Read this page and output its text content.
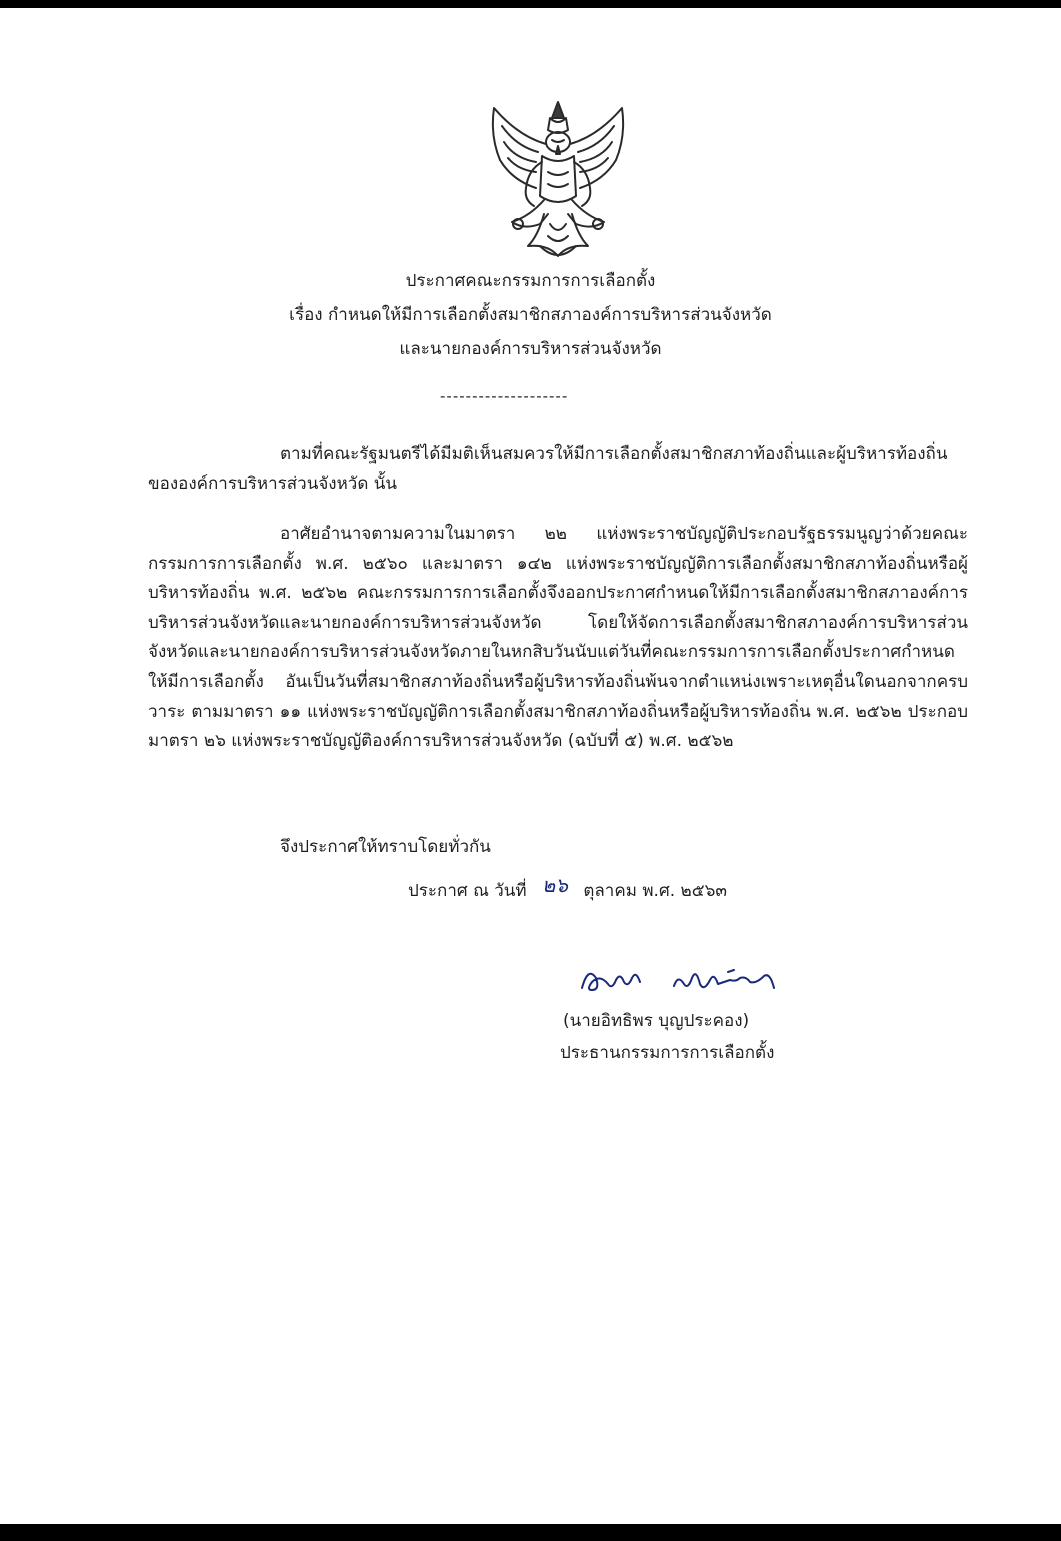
ประกาศคณะกรรมการการเลือกตั้ง
เรื่อง กำหนดให้มีการเลือกตั้งสมาชิกสภาองค์การบริหารส่วนจังหวัด
และนายกองค์การบริหารส่วนจังหวัด
--------------------

ตามที่คณะรัฐมนตรีได้มีมติเห็นสมควรให้มีการเลือกตั้งสมาชิกสภาท้องถิ่นและผู้บริหารท้องถิ่นขององค์การบริหารส่วนจังหวัด นั้น

อาศัยอำนาจตามความในมาตรา ๒๒ แห่งพระราชบัญญัติประกอบรัฐธรรมนูญว่าด้วยคณะกรรมการการเลือกตั้ง พ.ศ. ๒๕๖๐ และมาตรา ๑๔๒ แห่งพระราชบัญญัติการเลือกตั้งสมาชิกสภาท้องถิ่นหรือผู้บริหารท้องถิ่น พ.ศ. ๒๕๖๒ คณะกรรมการการเลือกตั้งจึงออกประกาศกำหนดให้มีการเลือกตั้งสมาชิกสภาองค์การบริหารส่วนจังหวัดและนายกองค์การบริหารส่วนจังหวัด โดยให้จัดการเลือกตั้งสมาชิกสภาองค์การบริหารส่วนจังหวัดและนายกองค์การบริหารส่วนจังหวัดภายในหกสิบวันนับแต่วันที่คณะกรรมการการเลือกตั้งประกาศกำหนดให้มีการเลือกตั้ง อันเป็นวันที่สมาชิกสภาท้องถิ่นหรือผู้บริหารท้องถิ่นพ้นจากตำแหน่งเพราะเหตุอื่นใดนอกจากครบวาระ ตามมาตรา ๑๑ แห่งพระราชบัญญัติการเลือกตั้งสมาชิกสภาท้องถิ่นหรือผู้บริหารท้องถิ่น พ.ศ. ๒๕๖๒ ประกอบมาตรา ๒๖ แห่งพระราชบัญญัติองค์การบริหารส่วนจังหวัด (ฉบับที่ ๕) พ.ศ. ๒๕๖๒

จึงประกาศให้ทราบโดยทั่วกัน
ประกาศ ณ วันที่ ๒๖ ตุลาคม พ.ศ. ๒๕๖๓
(นายอิทธิพร บุญประคอง)
ประธานกรรมการการเลือกตั้ง
